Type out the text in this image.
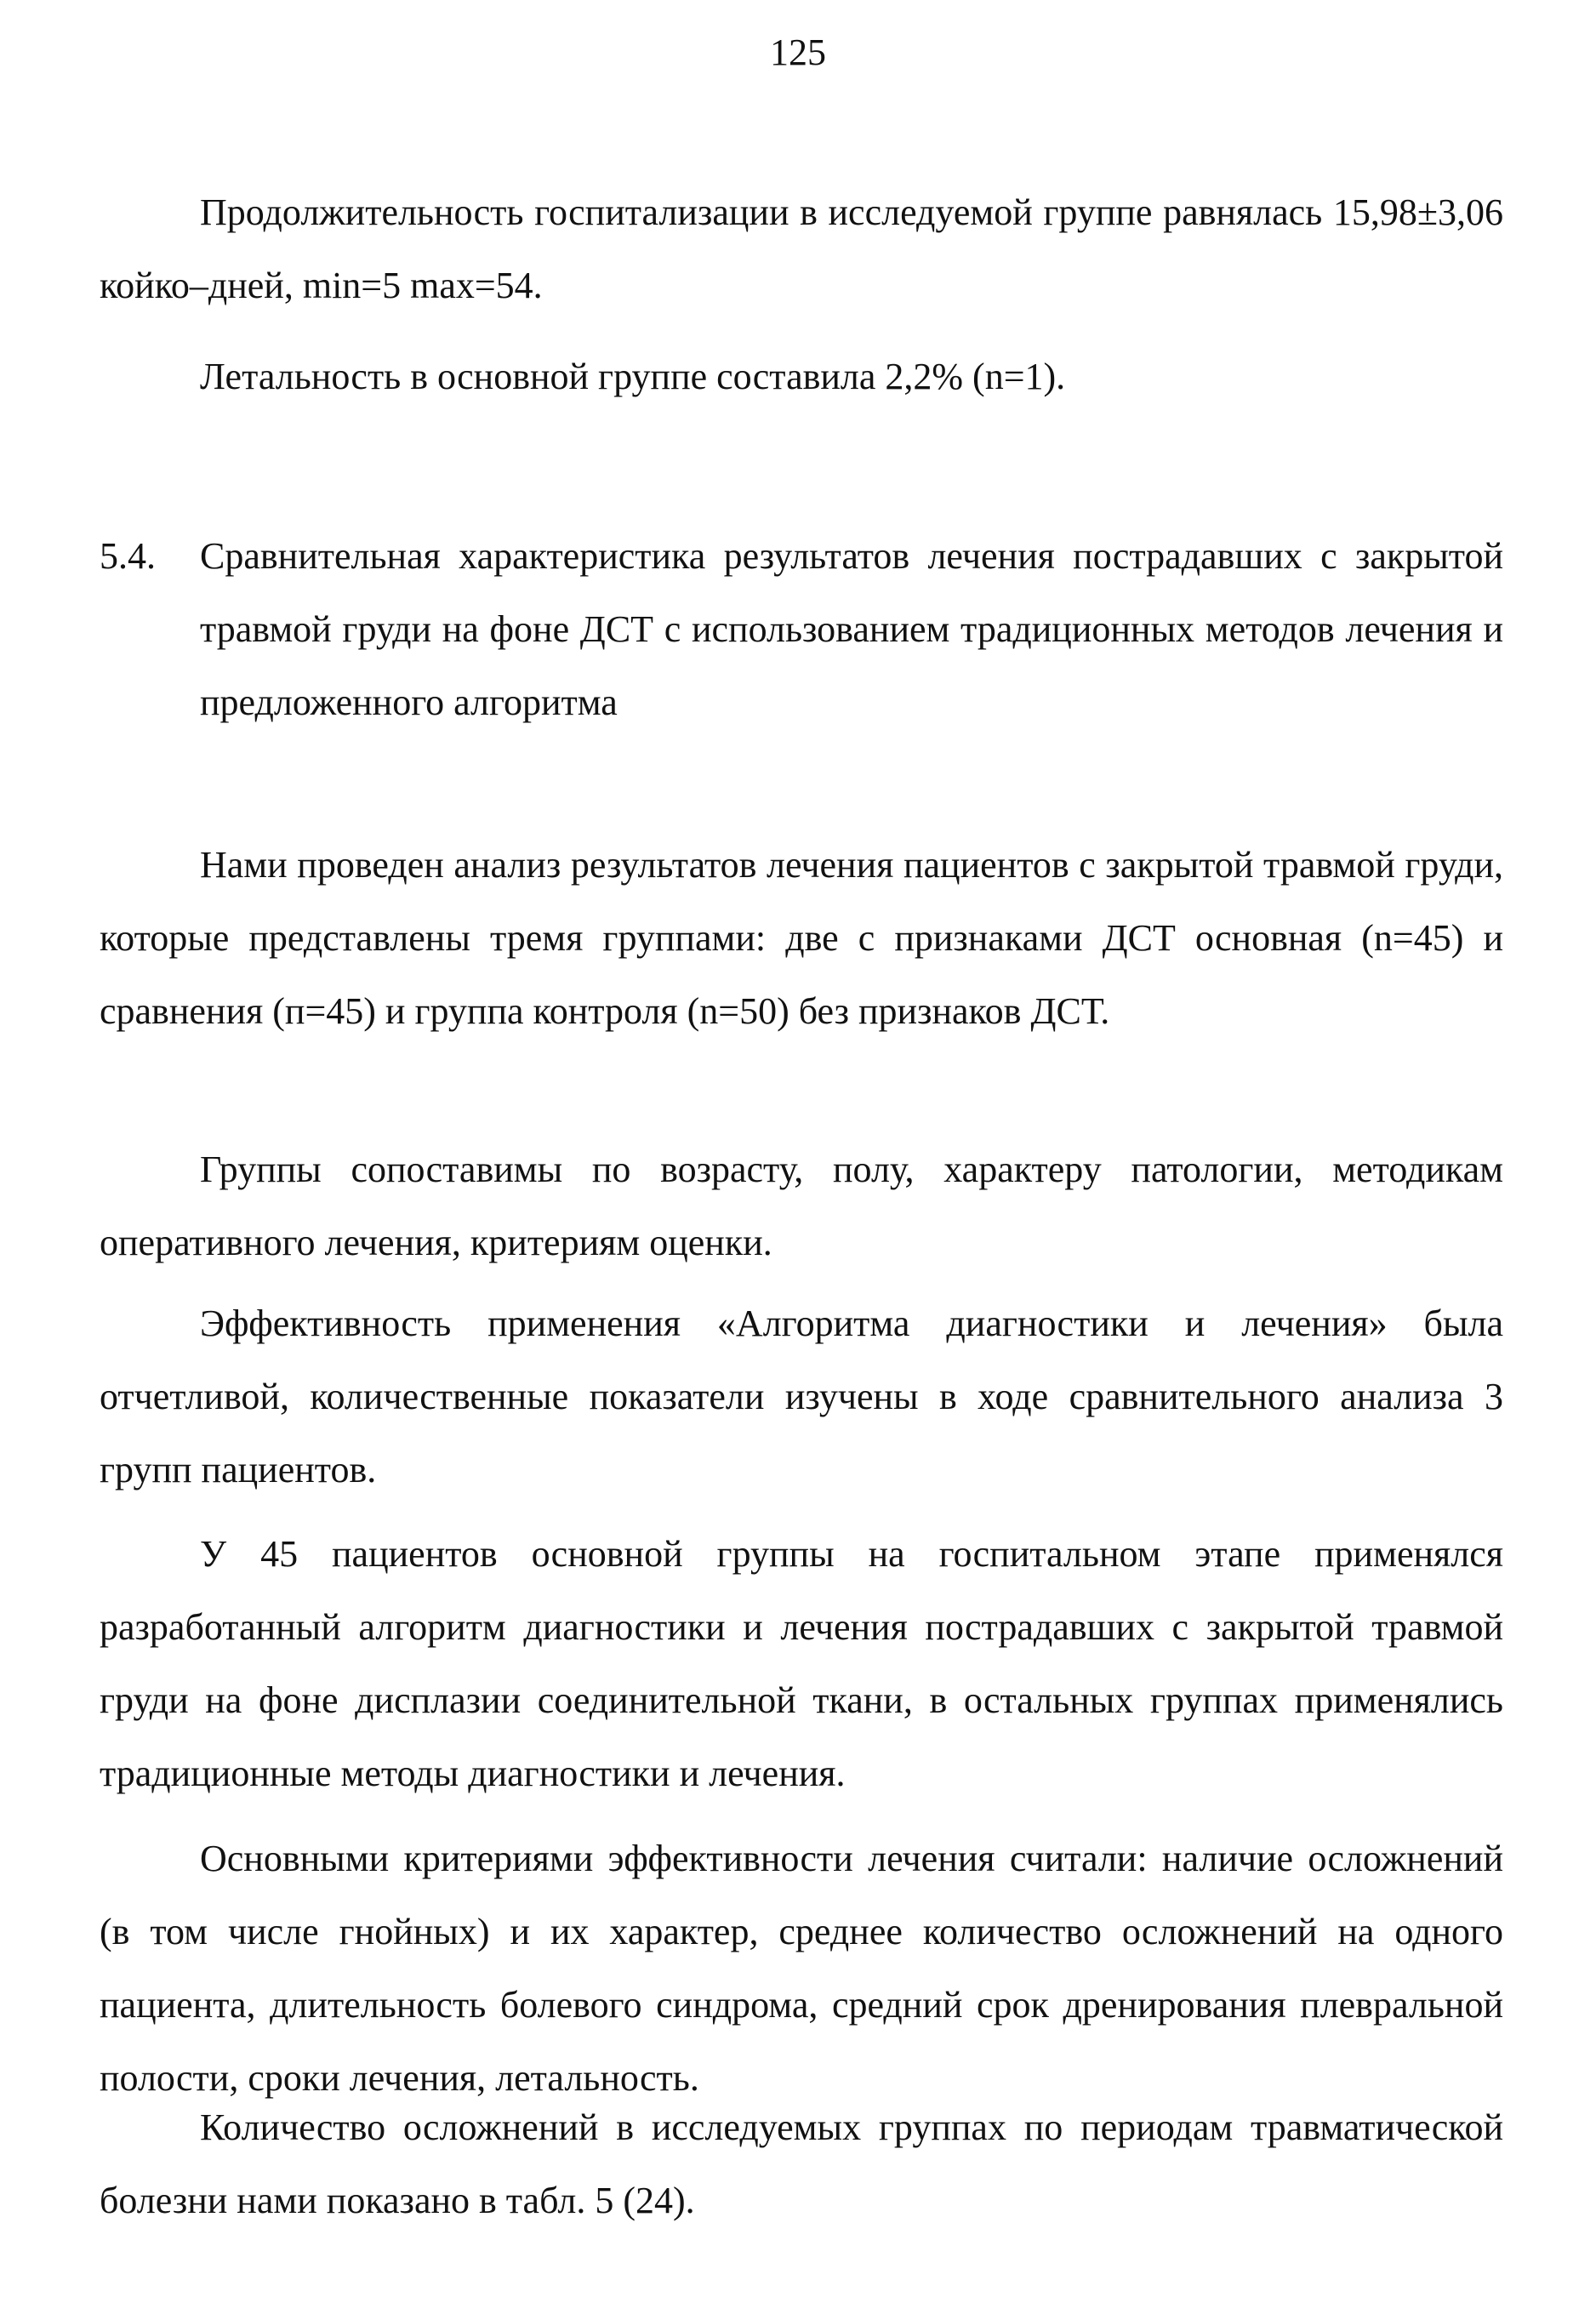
125

Продолжительность госпитализации в исследуемой группе равнялась 15,98±3,06 койко–дней, min=5 max=54.

Летальность в основной группе составила 2,2% (n=1).

5.4. Сравнительная характеристика результатов лечения пострадавших с закрытой травмой груди на фоне ДСТ с использованием традиционных методов лечения и предложенного алгоритма

Нами проведен анализ результатов лечения пациентов с закрытой травмой груди, которые представлены тремя группами: две с признаками ДСТ основная (n=45) и сравнения (п=45) и группа контроля (n=50) без признаков ДСТ.

Группы сопоставимы по возрасту, полу, характеру патологии, методикам оперативного лечения, критериям оценки.

Эффективность применения «Алгоритма диагностики и лечения» была отчетливой, количественные показатели изучены в ходе сравнительного анализа 3 групп пациентов.

У 45 пациентов основной группы на госпитальном этапе применялся разработанный алгоритм диагностики и лечения пострадавших с закрытой травмой груди на фоне дисплазии соединительной ткани, в остальных группах применялись традиционные методы диагностики и лечения.

Основными критериями эффективности лечения считали: наличие осложнений (в том числе гнойных) и их характер, среднее количество осложнений на одного пациента, длительность болевого синдрома, средний срок дренирования плевральной полости, сроки лечения, летальность.

Количество осложнений в исследуемых группах по периодам травматической болезни нами показано в табл. 5 (24).
